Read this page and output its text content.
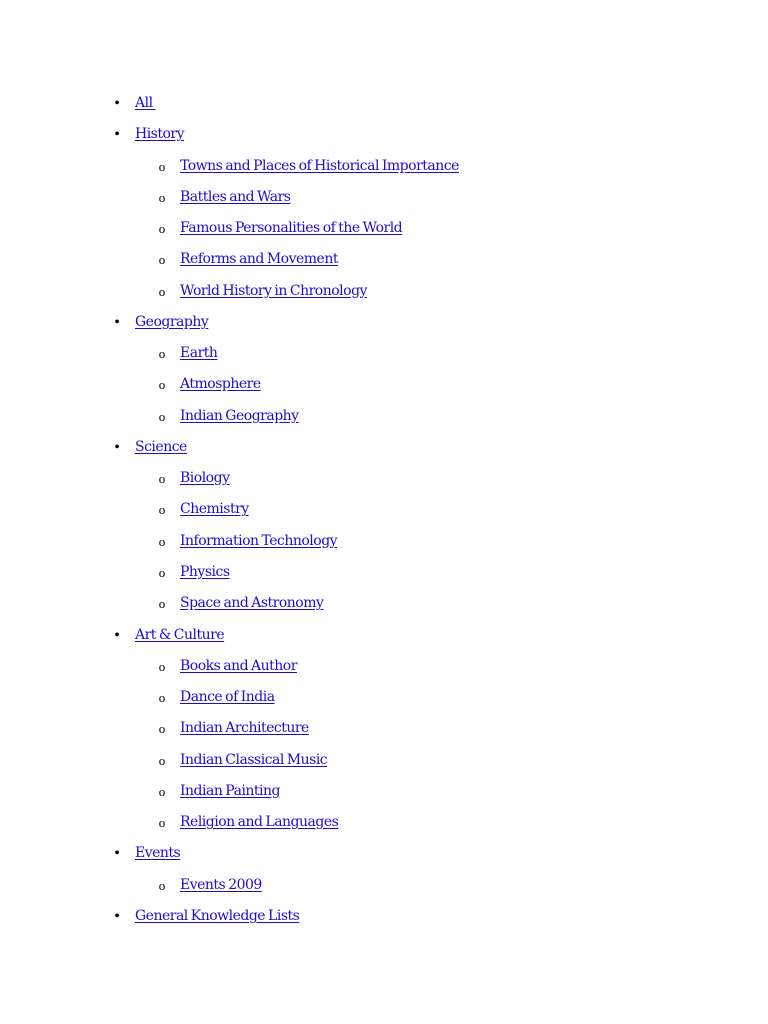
• All
• History
o Towns and Places of Historical Importance
o Battles and Wars
o Famous Personalities of the World
o Reforms and Movement
o World History in Chronology
• Geography
o Earth
o Atmosphere
o Indian Geography
• Science
o Biology
o Chemistry
o Information Technology
o Physics
o Space and Astronomy
• Art & Culture
o Books and Author
o Dance of India
o Indian Architecture
o Indian Classical Music
o Indian Painting
o Religion and Languages
• Events
o Events 2009
• General Knowledge Lists
